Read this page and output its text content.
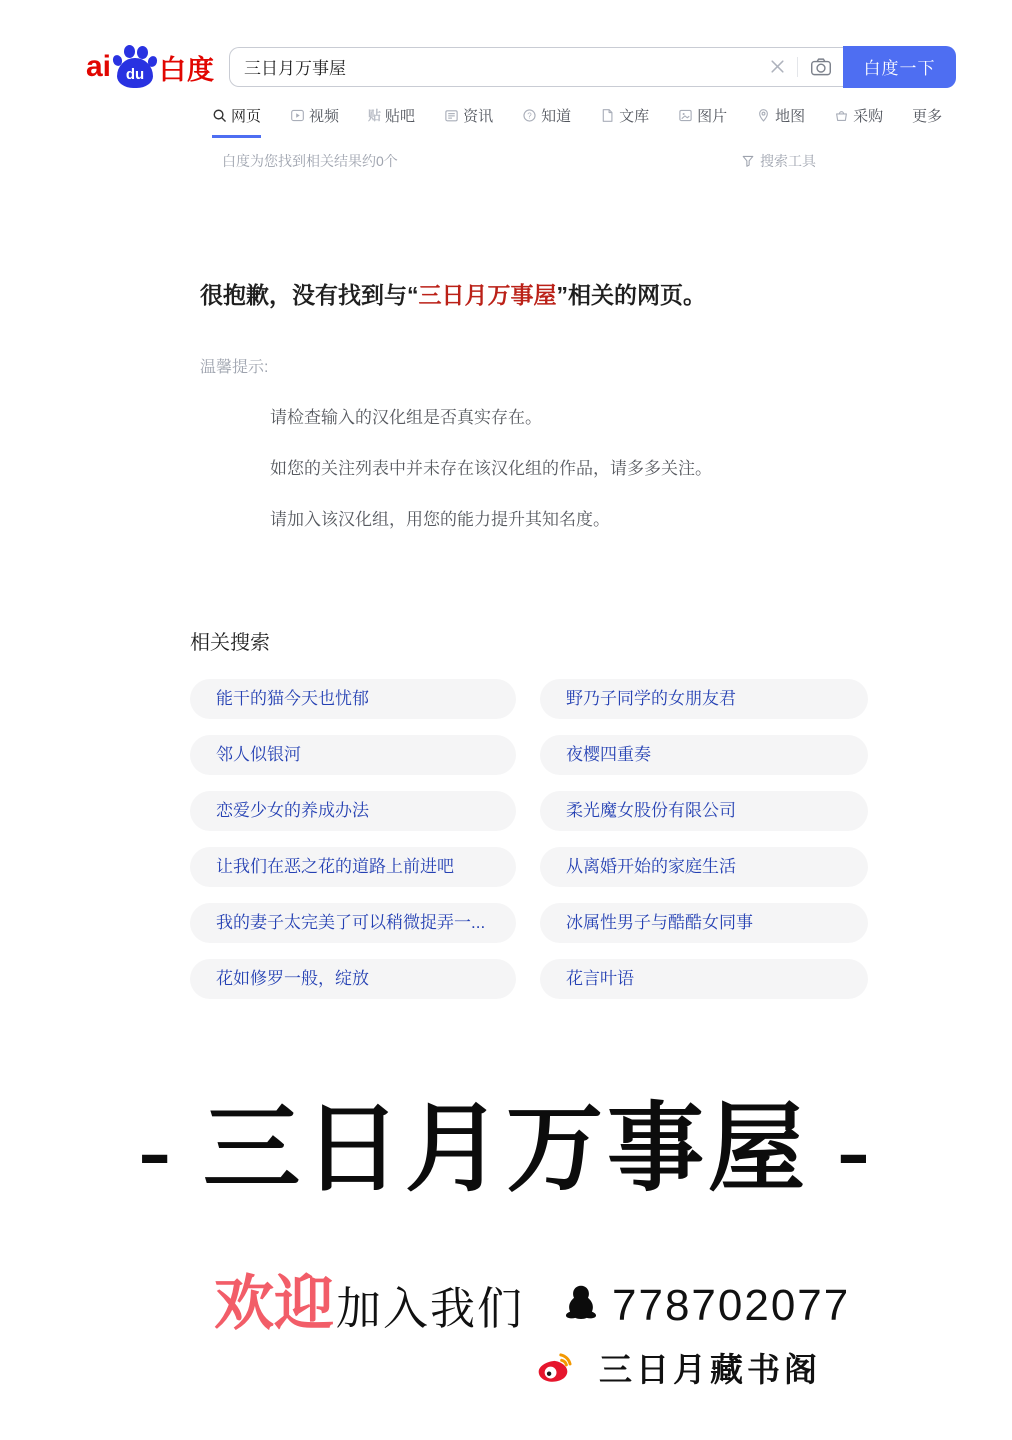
ai du 白度
三日月万事屋	白度一下
网页	视频 贴 贴吧	资讯	? 知道	文库	图片	地图	采购 更多
白度为您找到相关结果约0个	搜索工具
很抱歉，没有找到与“三日月万事屋”相关的网页。
温馨提示:
请检查输入的汉化组是否真实存在。
如您的关注列表中并未存在该汉化组的作品，请多多关注。
请加入该汉化组，用您的能力提升其知名度。
相关搜索
能干的猫今天也忧郁	野乃子同学的女朋友君
邻人似银河	夜樱四重奏
恋爱少女的养成办法	柔光魔女股份有限公司
让我们在恶之花的道路上前进吧	从离婚开始的家庭生活
我的妻子太完美了可以稍微捉弄一...	冰属性男子与酷酷女同事
花如修罗一般，绽放	花言叶语
- 三日月万事屋 -
欢迎 加入我们 778702077
三日月藏书阁
